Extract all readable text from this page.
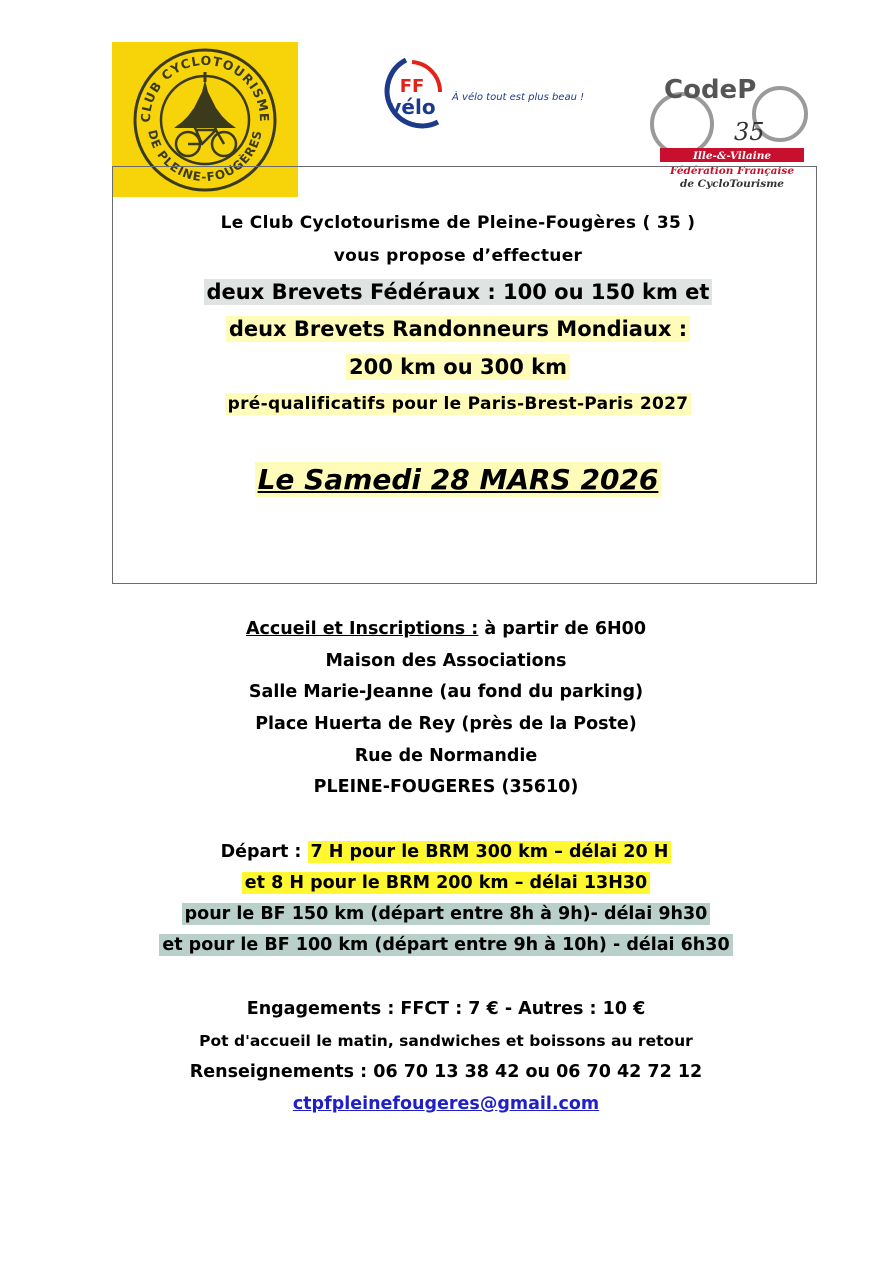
CLUB CYCLOTOURISME
DE PLEINE-FOUGÈRES
FF
vélo À vélo tout est plus beau !	CodeP
35
Ille-&-Vilaine
Fédération Française
de CycloTourisme
Le Club Cyclotourisme de Pleine-Fougères ( 35 )
vous propose d’effectuer
deux Brevets Fédéraux : 100 ou 150 km et
deux Brevets Randonneurs Mondiaux :
200 km ou 300 km
pré-qualificatifs pour le Paris-Brest-Paris 2027
Le Samedi 28 MARS 2026
Accueil et Inscriptions : à partir de 6H00
Maison des Associations
Salle Marie-Jeanne (au fond du parking)
Place Huerta de Rey (près de la Poste)
Rue de Normandie
PLEINE-FOUGERES (35610)
Départ : 7 H pour le BRM 300 km – délai 20 H
et 8 H pour le BRM 200 km – délai 13H30
pour le BF 150 km (départ entre 8h à 9h)- délai 9h30
et pour le BF 100 km (départ entre 9h à 10h) - délai 6h30
Engagements : FFCT : 7 € - Autres : 10 €
Pot d'accueil le matin, sandwiches et boissons au retour
Renseignements : 06 70 13 38 42 ou 06 70 42 72 12
ctpfpleinefougeres@gmail.com
